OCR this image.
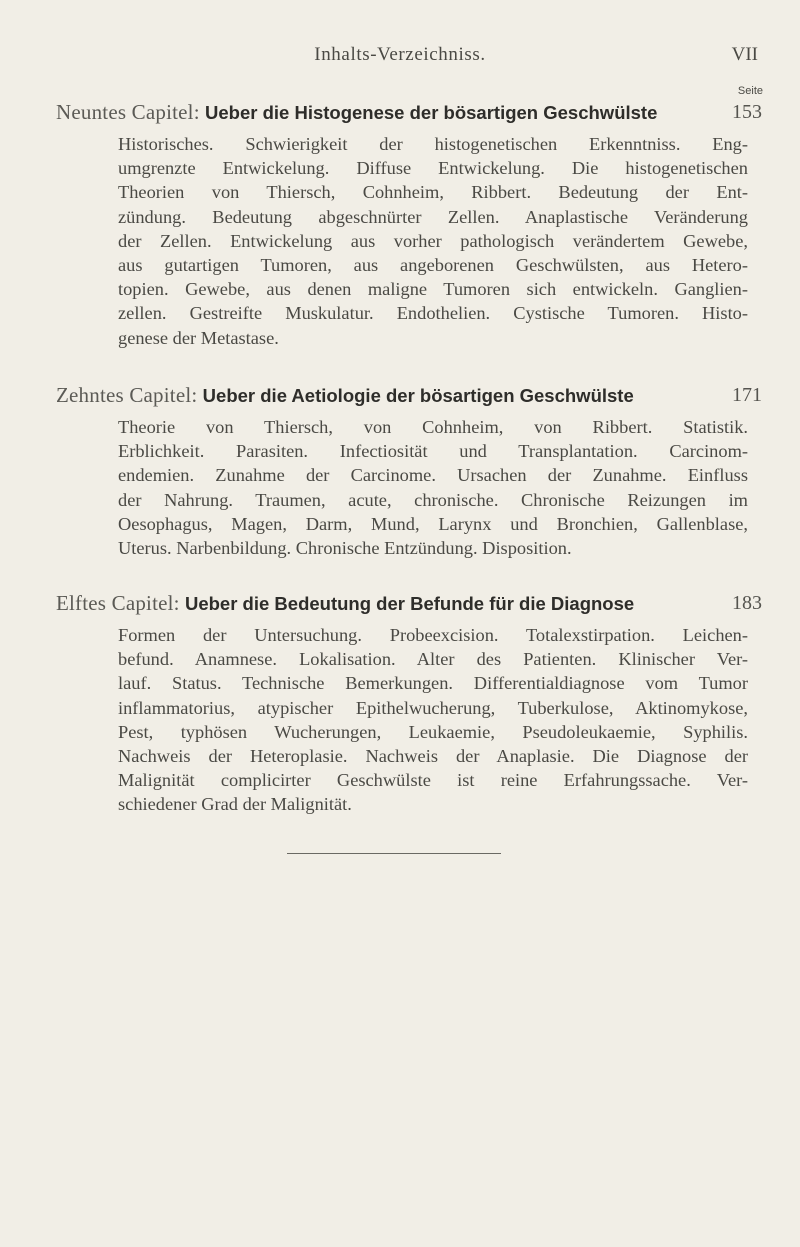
Inhalts-Verzeichniss.	VII
Seite
Neuntes Capitel: Ueber die Histogenese der bösartigen Geschwülste	153
Historisches. Schwierigkeit der histogenetischen Erkenntniss. Eng-
umgrenzte Entwickelung. Diffuse Entwickelung. Die histogenetischen
Theorien von Thiersch, Cohnheim, Ribbert. Bedeutung der Ent-
zündung. Bedeutung abgeschnürter Zellen. Anaplastische Veränderung
der Zellen. Entwickelung aus vorher pathologisch verändertem Gewebe,
aus gutartigen Tumoren, aus angeborenen Geschwülsten, aus Hetero-
topien. Gewebe, aus denen maligne Tumoren sich entwickeln. Ganglien-
zellen. Gestreifte Muskulatur. Endothelien. Cystische Tumoren. Histo-
genese der Metastase.
Zehntes Capitel: Ueber die Aetiologie der bösartigen Geschwülste	171
Theorie von Thiersch, von Cohnheim, von Ribbert. Statistik.
Erblichkeit. Parasiten. Infectiosität und Transplantation. Carcinom-
endemien. Zunahme der Carcinome. Ursachen der Zunahme. Einfluss
der Nahrung. Traumen, acute, chronische. Chronische Reizungen im
Oesophagus, Magen, Darm, Mund, Larynx und Bronchien, Gallenblase,
Uterus. Narbenbildung. Chronische Entzündung. Disposition.
Elftes Capitel: Ueber die Bedeutung der Befunde für die Diagnose	183
Formen der Untersuchung. Probeexcision. Totalexstirpation. Leichen-
befund. Anamnese. Lokalisation. Alter des Patienten. Klinischer Ver-
lauf. Status. Technische Bemerkungen. Differentialdiagnose vom Tumor
inflammatorius, atypischer Epithelwucherung, Tuberkulose, Aktinomykose,
Pest, typhösen Wucherungen, Leukaemie, Pseudoleukaemie, Syphilis.
Nachweis der Heteroplasie. Nachweis der Anaplasie. Die Diagnose der
Malignität complicirter Geschwülste ist reine Erfahrungssache. Ver-
schiedener Grad der Malignität.
